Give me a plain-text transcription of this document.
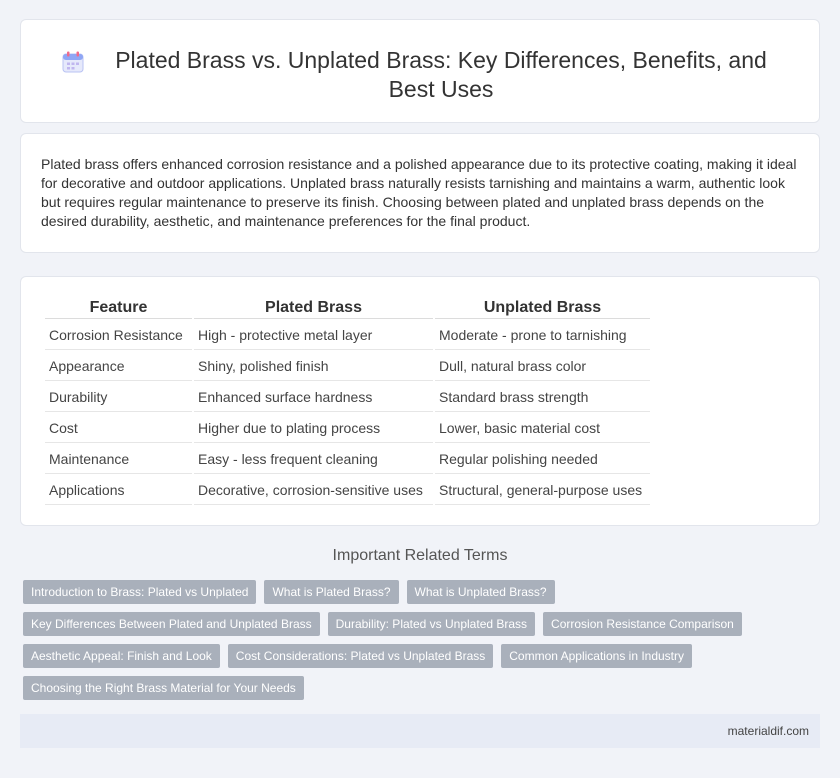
Plated Brass vs. Unplated Brass: Key Differences, Benefits, and Best Uses

Plated brass offers enhanced corrosion resistance and a polished appearance due to its protective coating, making it ideal for decorative and outdoor applications. Unplated brass naturally resists tarnishing and maintains a warm, authentic look but requires regular maintenance to preserve its finish. Choosing between plated and unplated brass depends on the desired durability, aesthetic, and maintenance preferences for the final product.

Feature	Plated Brass	Unplated Brass
Corrosion Resistance	High - protective metal layer	Moderate - prone to tarnishing
Appearance	Shiny, polished finish	Dull, natural brass color
Durability	Enhanced surface hardness	Standard brass strength
Cost	Higher due to plating process	Lower, basic material cost
Maintenance	Easy - less frequent cleaning	Regular polishing needed
Applications	Decorative, corrosion-sensitive uses	Structural, general-purpose uses
Important Related Terms
Introduction to Brass: Plated vs Unplated	What is Plated Brass?	What is Unplated Brass?
Key Differences Between Plated and Unplated Brass	Durability: Plated vs Unplated Brass	Corrosion Resistance Comparison
Aesthetic Appeal: Finish and Look	Cost Considerations: Plated vs Unplated Brass	Common Applications in Industry
Choosing the Right Brass Material for Your Needs
materialdif.com
